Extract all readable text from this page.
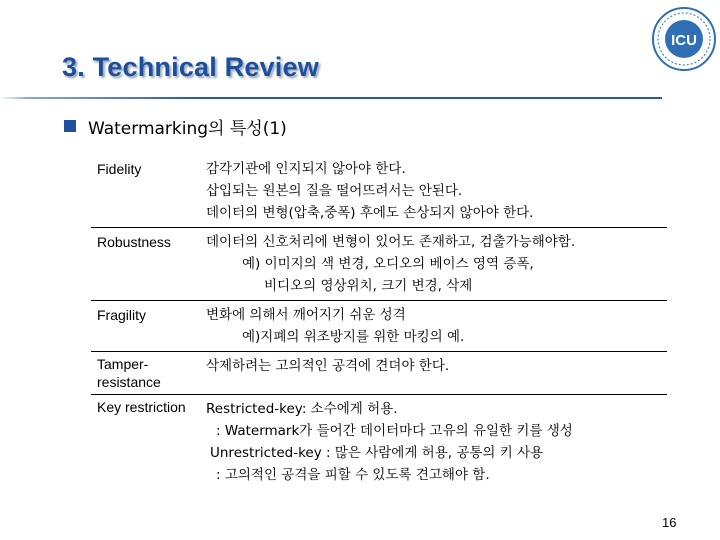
3. Technical Review
ICU
Watermarking의 특성(1)
Fidelity	감각기관에 인지되지 않아야 한다.
삽입되는 원본의 질을 떨어뜨려서는 안된다.
데이터의 변형(압축,중폭) 후에도 손상되지 않아야 한다.

Robustness	데이터의 신호처리에 변형이 있어도 존재하고, 검출가능해야함.
예) 이미지의 색 변경, 오디오의 베이스 영역 증폭,
비디오의 영상위치, 크기 변경, 삭제

Fragility	변화에 의해서 깨어지기 쉬운 성격
예)지폐의 위조방지를 위한 마킹의 예.

Tamper-resistance	삭제하려는 고의적인 공격에 견뎌야 한다.

Key restriction	Restricted-key: 소수에게 허용.
: Watermark가 들어간 데이터마다 고유의 유일한 키를 생성
Unrestricted-key : 많은 사람에게 허용, 공통의 키 사용
: 고의적인 공격을 피할 수 있도록 견고해야 함.
16
